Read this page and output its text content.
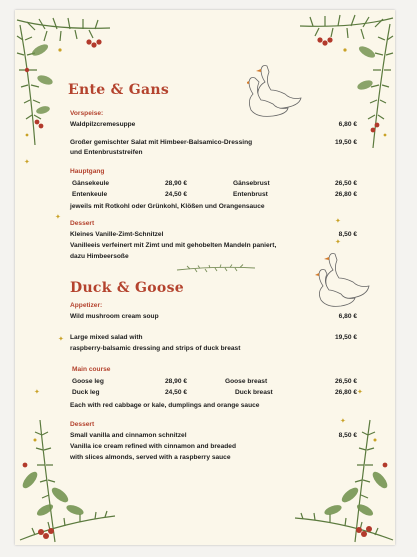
✦
✦
✦
✦
✦
✦	✦
✦
Ente & Gans
Vorspeise:
Waldpilzcremesuppe	6,80 €
Großer gemischter Salat mit Himbeer-Balsamico-Dressing
und Entenbruststreifen
19,50 €
Hauptgang
Gänsekeule	28,90 €	Gänsebrust	26,50 €
Entenkeule	24,50 €	Entenbrust	26,80 €
jeweils mit Rotkohl oder Grünkohl, Klößen und Orangensauce
Dessert
Kleines Vanille-Zimt-Schnitzel
Vanilleeis verfeinert mit Zimt und mit gehobelten Mandeln paniert,
dazu Himbeersoße
8,50 €
Duck & Goose
Appetizer:
Wild mushroom cream soup	6,80 €
Large mixed salad with
raspberry-balsamic dressing and strips of duck breast
19,50 €
Main course
Goose leg	28,90 €	Goose breast	26,50 €
Duck leg	24,50 €	Duck breast	26,80 €
Each with red cabbage or kale, dumplings and orange sauce
Dessert
Small vanilla and cinnamon schnitzel
Vanilla ice cream refined with cinnamon and breaded
with slices almonds, served with a raspberry sauce
8,50 €
